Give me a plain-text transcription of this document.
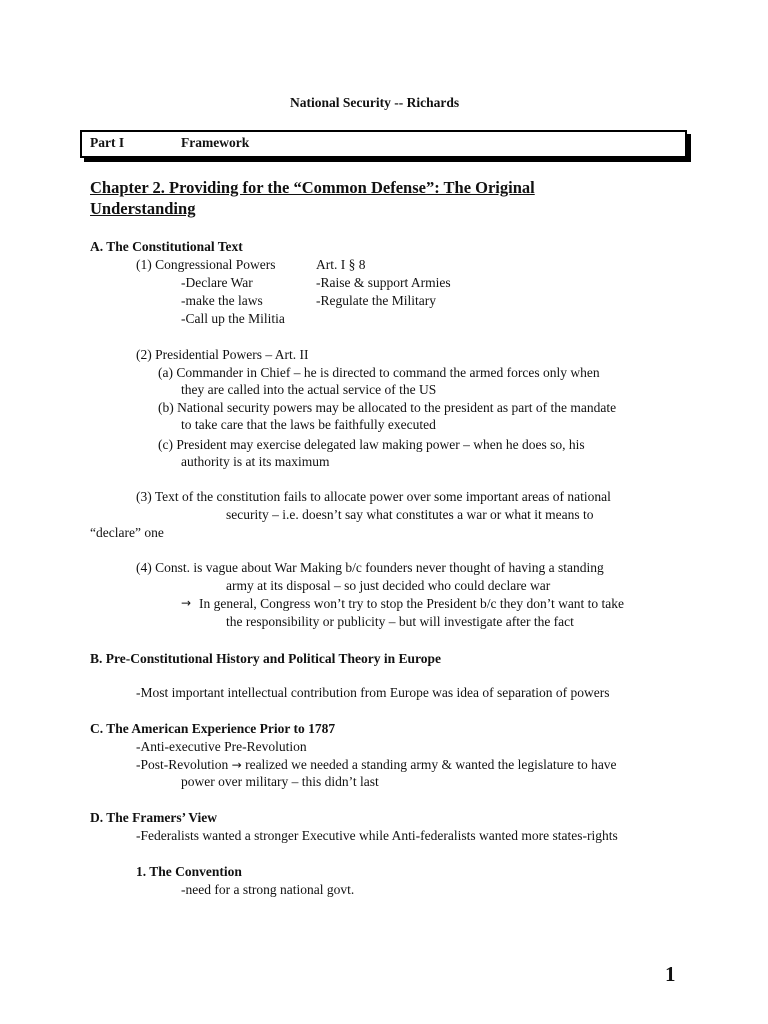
National Security -- Richards
Part I	Framework
Chapter 2. Providing for the “Common Defense”: The Original
Understanding
A. The Constitutional Text
(1) Congressional Powers	Art. I § 8
-Declare War	-Raise & support Armies
-make the laws	-Regulate the Military
-Call up the Militia
(2) Presidential Powers – Art. II
(a) Commander in Chief – he is directed to command the armed forces only when
they are called into the actual service of the US
(b) National security powers may be allocated to the president as part of the mandate
to take care that the laws be faithfully executed
(c) President may exercise delegated law making power – when he does so, his
authority is at its maximum
(3) Text of the constitution fails to allocate power over some important areas of national
security – i.e. doesn’t say what constitutes a war or what it means to
“declare” one
(4) Const. is vague about War Making b/c founders never thought of having a standing
army at its disposal – so just decided who could declare war
→ In general, Congress won’t try to stop the President b/c they don’t want to take
the responsibility or publicity – but will investigate after the fact
B. Pre-Constitutional History and Political Theory in Europe
-Most important intellectual contribution from Europe was idea of separation of powers
C. The American Experience Prior to 1787
-Anti-executive Pre-Revolution
-Post-Revolution → realized we needed a standing army & wanted the legislature to have
power over military – this didn’t last
D. The Framers’ View
-Federalists wanted a stronger Executive while Anti-federalists wanted more states-rights
1. The Convention
-need for a strong national govt.
1
